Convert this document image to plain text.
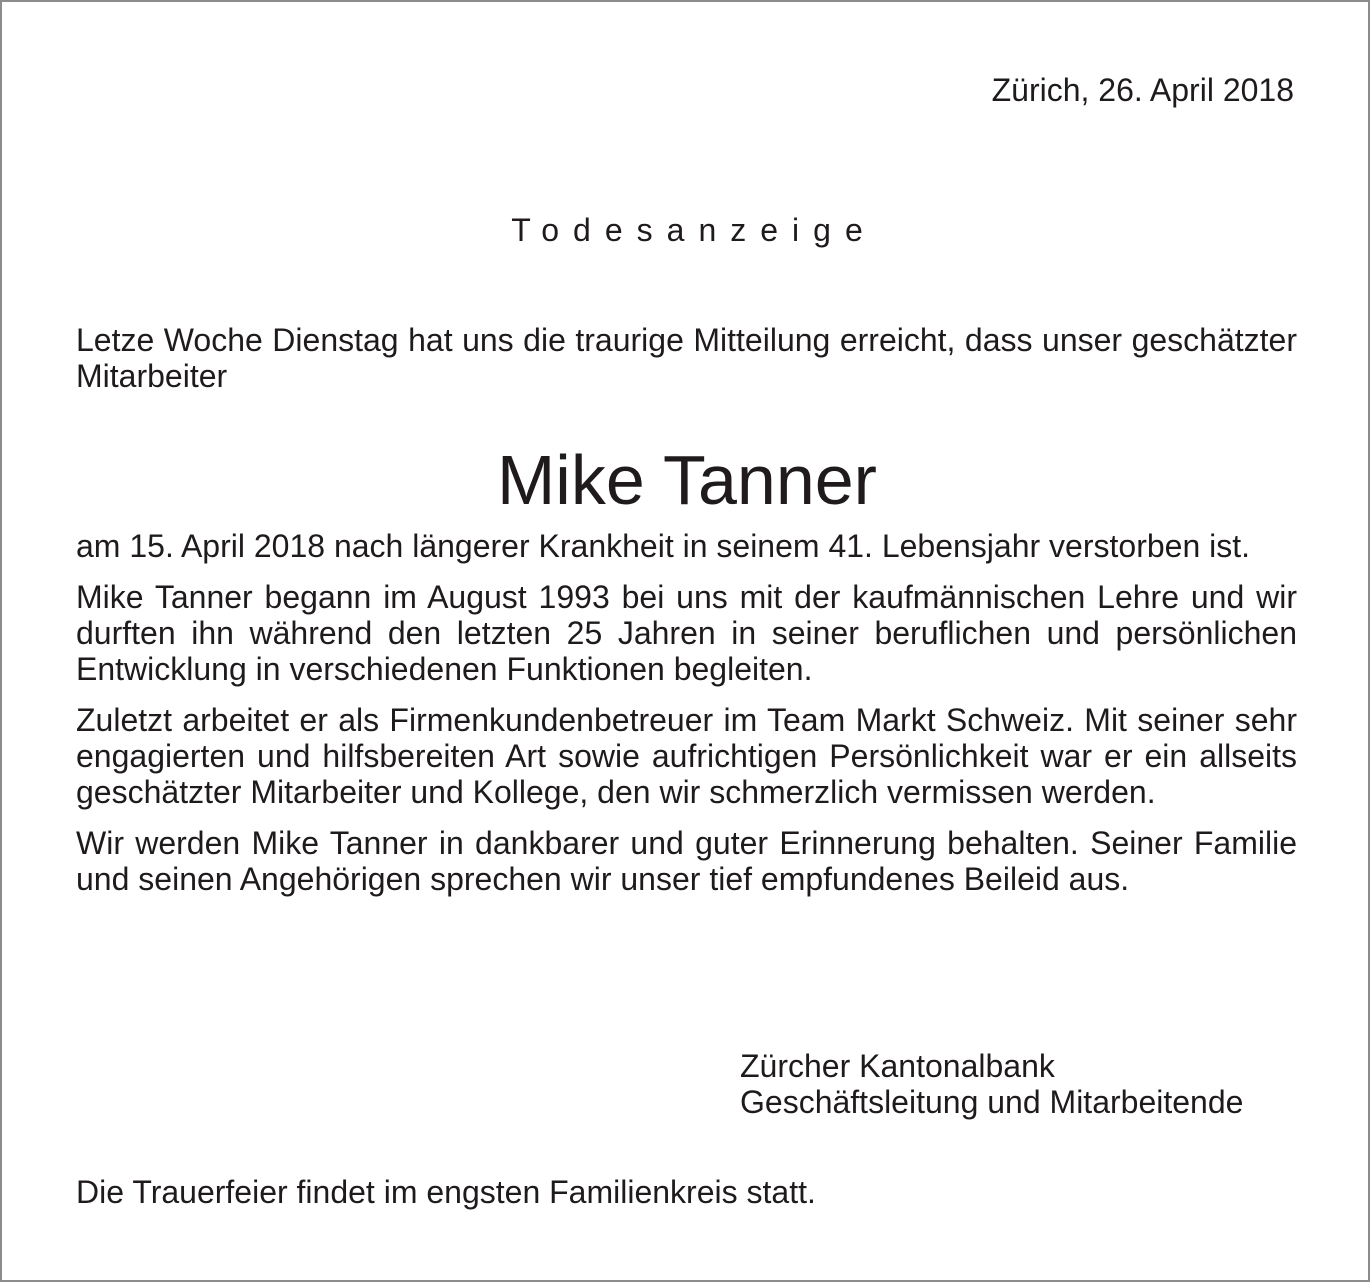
Zürich, 26. April 2018
Todesanzeige

Letze Woche Dienstag hat uns die traurige Mitteilung erreicht, dass unser geschätzter Mitarbeiter

Mike Tanner

am 15. April 2018 nach längerer Krankheit in seinem 41. Lebensjahr verstorben ist.

Mike Tanner begann im August 1993 bei uns mit der kaufmännischen Lehre und wir durften ihn während den letzten 25 Jahren in seiner beruflichen und persönlichen Entwicklung in verschiedenen Funktionen begleiten.

Zuletzt arbeitet er als Firmenkundenbetreuer im Team Markt Schweiz. Mit seiner sehr engagierten und hilfsbereiten Art sowie aufrichtigen Persönlichkeit war er ein allseits geschätzter Mitarbeiter und Kollege, den wir schmerzlich vermissen werden.

Wir werden Mike Tanner in dankbarer und guter Erinnerung behalten. Seiner Familie und seinen Angehörigen sprechen wir unser tief empfundenes Beileid aus.

Zürcher Kantonalbank
Geschäftsleitung und Mitarbeitende

Die Trauerfeier findet im engsten Familienkreis statt.
